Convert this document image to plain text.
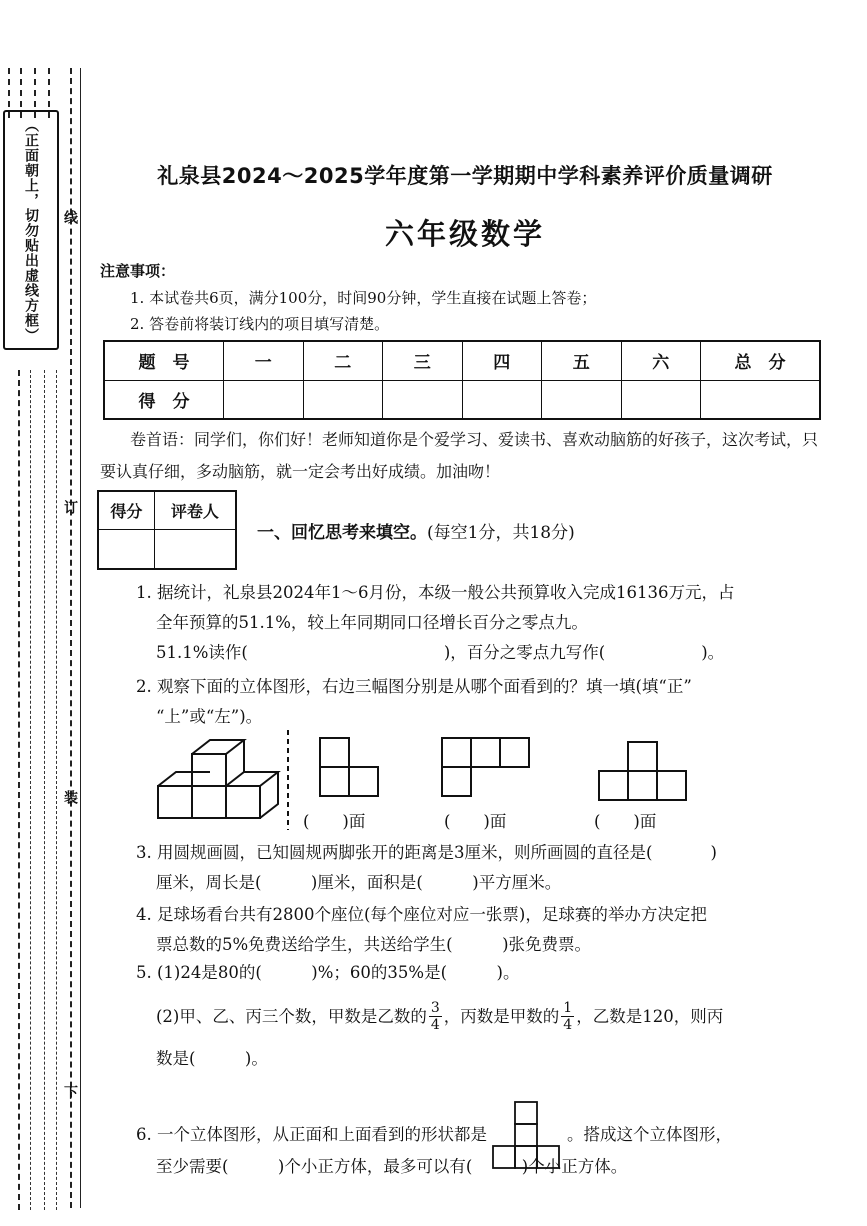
（正面朝上，切勿贴出虚线方框） 线
订
装
下
礼泉县2024～2025学年度第一学期期中学科素养评价质量调研
六年级数学
注意事项：
1. 本试卷共6页，满分100分，时间90分钟，学生直接在试题上答卷；
2. 答卷前将装订线内的项目填写清楚。
题　号	一	二	三	四	五	六	总　分
得　分							
卷首语：同学们，你们好！老师知道你是个爱学习、爱读书、喜欢动脑筋的好孩子，这次考试，只要认真仔细，多动脑筋，就一定会考出好成绩。加油吻！
得分	评卷人

一、回忆思考来填空。(每空1分，共18分)
1. 据统计，礼泉县2024年1～6月份，本级一般公共预算收入完成16136万元，占
全年预算的51.1%，较上年同期同口径增长百分之零点九。
51.1%读作(	)，百分之零点九写作(	)。
2. 观察下面的立体图形，右边三幅图分别是从哪个面看到的？填一填(填“正”
“上”或“左”)。
(　　)面	(　　)面	(　　)面
3. 用圆规画圆，已知圆规两脚张开的距离是3厘米，则所画圆的直径是(	)
厘米，周长是(　　　)厘米，面积是(　　　)平方厘米。
4. 足球场看台共有2800个座位(每个座位对应一张票)，足球赛的举办方决定把
票总数的5%免费送给学生，共送给学生(　　　)张免费票。
5. (1)24是80的(　　　)%；60的35%是(　　　)。
(2)甲、乙、丙三个数，甲数是乙数的 $\frac{3}{4}$ ，丙数是甲数的 $\frac{1}{4}$ ，乙数是120，则丙
数是(　　　)。
6. 一个立体图形，从正面和上面看到的形状都是	。搭成这个立体图形，
至少需要(　　　)个小正方体，最多可以有(　　　)个小正方体。
